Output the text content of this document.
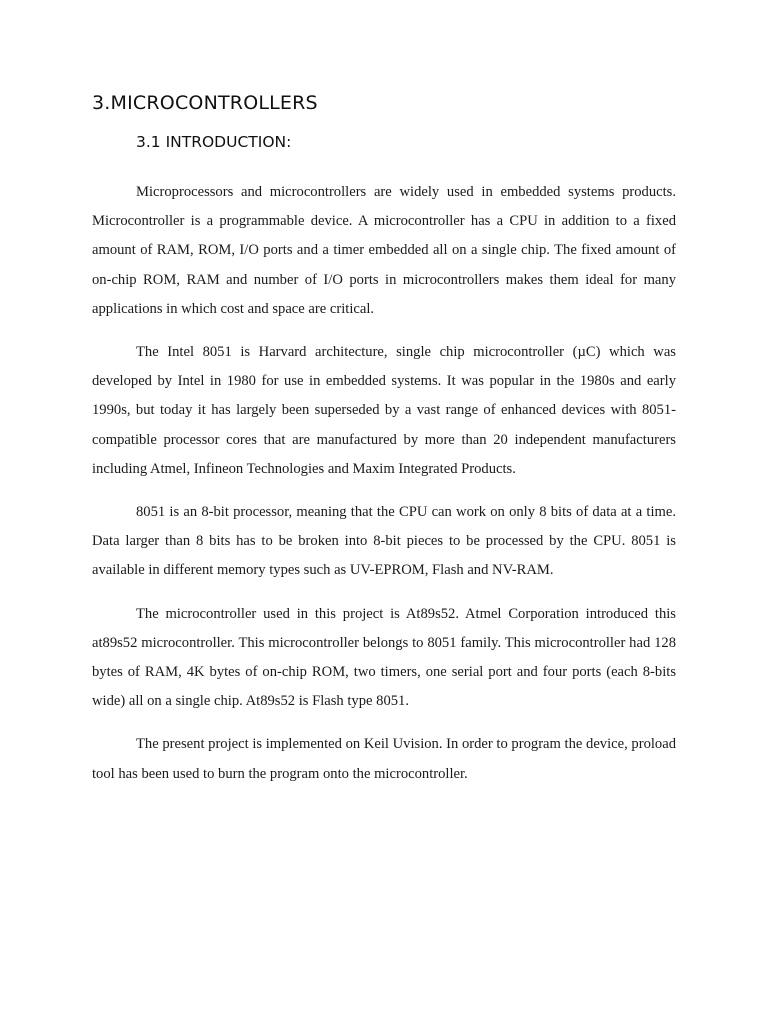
3.MICROCONTROLLERS
3.1 INTRODUCTION:

Microprocessors and microcontrollers are widely used in embedded systems products. Microcontroller is a programmable device. A microcontroller has a CPU in addition to a fixed amount of RAM, ROM, I/O ports and a timer embedded all on a single chip. The fixed amount of on-chip ROM, RAM and number of I/O ports in microcontrollers makes them ideal for many applications in which cost and space are critical.

The Intel 8051 is Harvard architecture, single chip microcontroller (µC) which was developed by Intel in 1980 for use in embedded systems. It was popular in the 1980s and early 1990s, but today it has largely been superseded by a vast range of enhanced devices with 8051-compatible processor cores that are manufactured by more than 20 independent manufacturers including Atmel, Infineon Technologies and Maxim Integrated Products.

8051 is an 8-bit processor, meaning that the CPU can work on only 8 bits of data at a time. Data larger than 8 bits has to be broken into 8-bit pieces to be processed by the CPU. 8051 is available in different memory types such as UV-EPROM, Flash and NV-RAM.

The microcontroller used in this project is At89s52. Atmel Corporation introduced this at89s52 microcontroller. This microcontroller belongs to 8051 family. This microcontroller had 128 bytes of RAM, 4K bytes of on-chip ROM, two timers, one serial port and four ports (each 8-bits wide) all on a single chip. At89s52 is Flash type 8051.

The present project is implemented on Keil Uvision. In order to program the device, proload tool has been used to burn the program onto the microcontroller.
